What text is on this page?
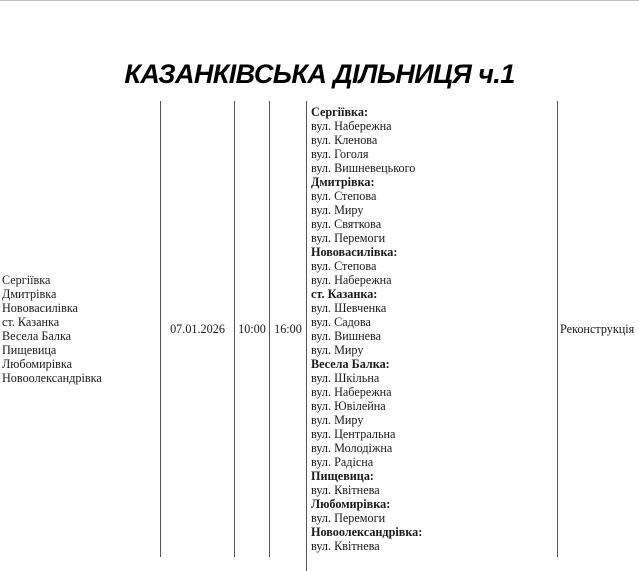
КАЗАНКІВСЬКА ДІЛЬНИЦЯ ч.1
Сергіївка
Дмитрівка
Нововасилівка
ст. Казанка
Весела Балка
Пищевица
Любомирівка
Новоолександрівка
07.01.2026 10:00 16:00
Сергіївка:
вул. Набережна
вул. Кленова
вул. Гоголя
вул. Вишневецького
Дмитрівка:
вул. Степова
вул. Миру
вул. Святкова
вул. Перемоги
Нововасилівка:
вул. Степова
вул. Набережна
ст. Казанка:
вул. Шевченка
вул. Садова
вул. Вишнева
вул. Миру
Весела Балка:
вул. Шкільна
вул. Набережна
вул. Ювілейна
вул. Миру
вул. Центральна
вул. Молодіжна
вул. Радісна
Пищевица:
вул. Квітнева
Любомирівка:
вул. Перемоги
Новоолександрівка:
вул. Квітнева
Реконструкція
